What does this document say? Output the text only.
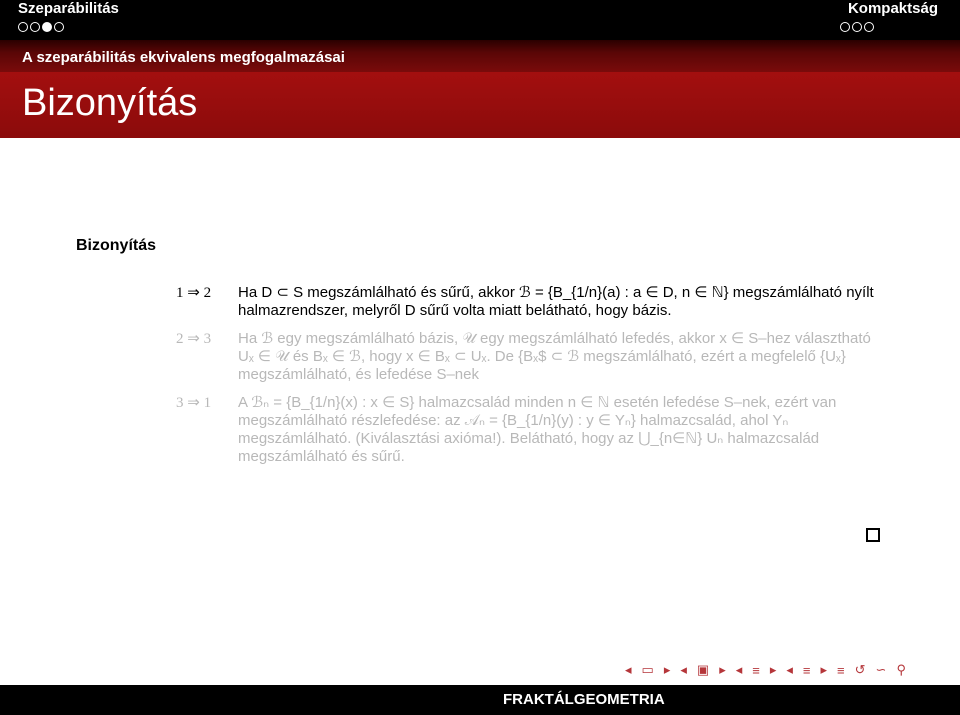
Szeparábilitás	Kompaktság
A szeparábilitás ekvivalens megfogalmazásai
Bizonyítás
Bizonyítás
1 ⇒ 2	Ha D ⊂ S megszámlálható és sűrű, akkor ℬ = {B_{1/n}(a) : a ∈ D, n ∈ ℕ} megszámlálható nyílt halmazrendszer, melyről D sűrű volta miatt belátható, hogy bázis.
2 ⇒ 3	Ha ℬ egy megszámlálható bázis, 𝒰 egy megszámlálható lefedés, akkor x ∈ S–hez választható Uₓ ∈ 𝒰 és Bₓ ∈ ℬ, hogy x ∈ Bₓ ⊂ Uₓ. De {Bₓ$ ⊂ ℬ megszámlálható, ezért a megfelelő {Uₓ} megszámlálható, és lefedése S–nek
3 ⇒ 1	A ℬₙ = {B_{1/n}(x) : x ∈ S} halmazcsalád minden n ∈ ℕ esetén lefedése S–nek, ezért van megszámlálható részlefedése: az 𝒜ₙ = {B_{1/n}(y) : y ∈ Yₙ} halmazcsalád, ahol Yₙ megszámlálható. (Kiválasztási axióma!). Belátható, hogy az ⋃_{n∈ℕ} Uₙ halmazcsalád megszámlálható és sűrű.
◂ ▭ ▸ ◂ ▣ ▸ ◂ ≡ ▸ ◂ ≡ ▸ ≡ ↺ ∽ ⚲
FRAKTÁLGEOMETRIA
